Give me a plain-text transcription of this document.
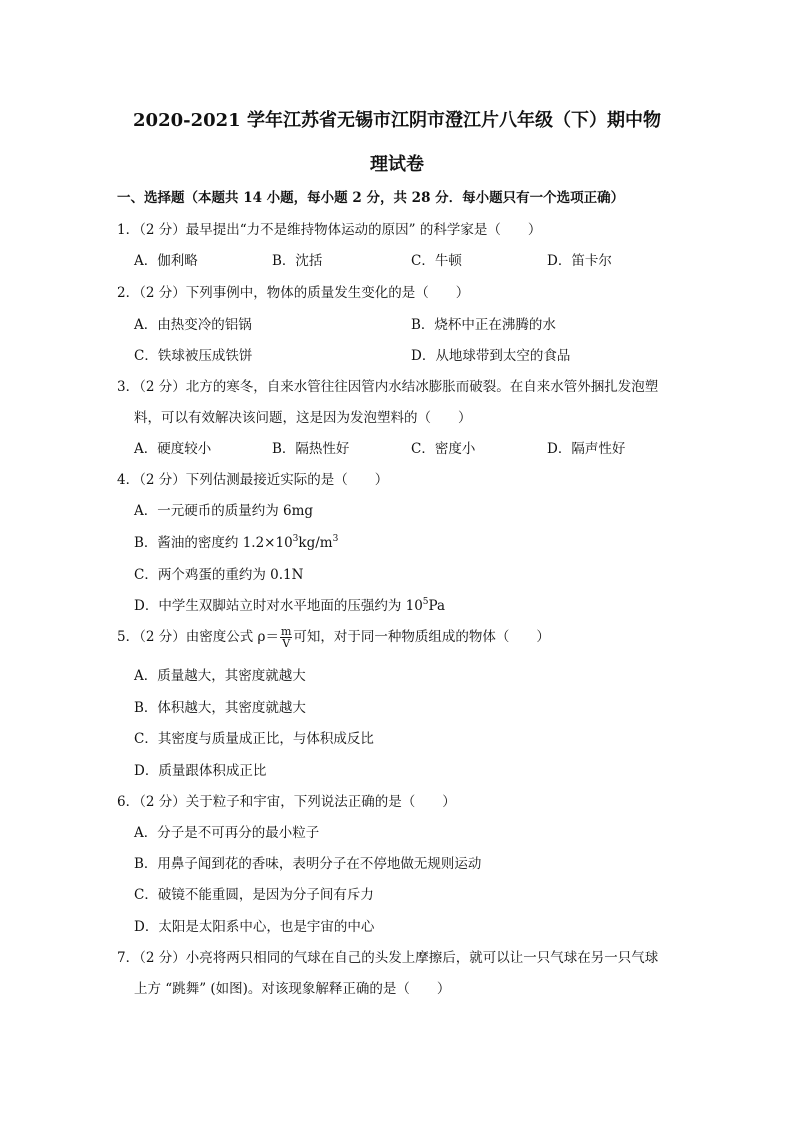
2020-2021 学年江苏省无锡市江阴市澄江片八年级（下）期中物
理试卷
一、选择题（本题共 14 小题，每小题 2 分，共 28 分．每小题只有一个选项正确）
1．（2 分）最早提出“力不是维持物体运动的原因” 的科学家是（　　）
A．伽利略	B．沈括	C．牛顿	D．笛卡尔
2．（2 分）下列事例中，物体的质量发生变化的是（　　）
A．由热变冷的铝锅	B．烧杯中正在沸腾的水
C．铁球被压成铁饼	D．从地球带到太空的食品
3．（2 分）北方的寒冬，自来水管往往因管内水结冰膨胀而破裂。在自来水管外捆扎发泡塑
料，可以有效解决该问题，这是因为发泡塑料的（　　）
A．硬度较小	B．隔热性好	C．密度小	D．隔声性好
4．（2 分）下列估测最接近实际的是（　　）
A．一元硬币的质量约为 6mg
B．酱油的密度约 $1.2\times 10^3kg/m^3$
C．两个鸡蛋的重约为 0.1N
D．中学生双脚站立时对水平地面的压强约为 $10^5Pa$
5．（2 分）由密度公式 $\rho= \frac{m}{V}$ 可知，对于同一种物质组成的物体（　　）
A．质量越大，其密度就越大
B．体积越大，其密度就越大
C．其密度与质量成正比，与体积成反比
D．质量跟体积成正比
6．（2 分）关于粒子和宇宙，下列说法正确的是（　　）
A．分子是不可再分的最小粒子
B．用鼻子闻到花的香味，表明分子在不停地做无规则运动
C．破镜不能重圆，是因为分子间有斥力
D．太阳是太阳系中心，也是宇宙的中心
7．（2 分）小亮将两只相同的气球在自己的头发上摩擦后，就可以让一只气球在另一只气球
上方 “跳舞” (如图)。对该现象解释正确的是（　　）
